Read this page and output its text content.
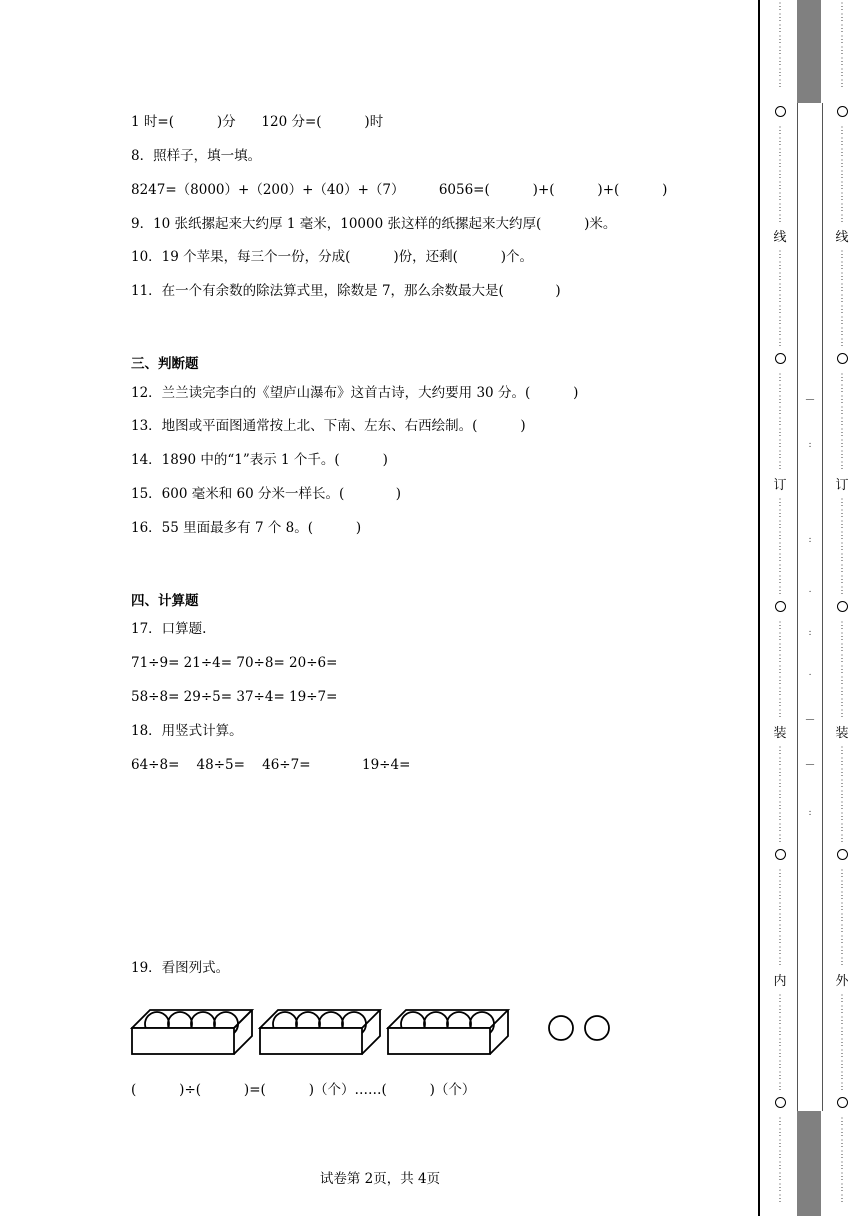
1 时=(          )分      120 分=(          )时
8．照样子，填一填。
8247=（8000）+（200）+（40）+（7）        6056=(          )+(          )+(          )
9．10 张纸摞起来大约厚 1 毫米，10000 张这样的纸摞起来大约厚(          )米。
10．19 个苹果，每三个一份，分成(          )份，还剩(          )个。
11．在一个有余数的除法算式里，除数是 7，那么余数最大是(            )
三、判断题
12．兰兰读完李白的《望庐山瀑布》这首古诗，大约要用 30 分。(          )
13．地图或平面图通常按上北、下南、左东、右西绘制。(          )
14．1890 中的“1”表示 1 个千。(          )
15．600 毫米和 60 分米一样长。(            )
16．55 里面最多有 7 个 8。(          )
四、计算题
17．口算题.
71÷9= 21÷4= 70÷8= 20÷6=
58÷8= 29÷5= 37÷4= 19÷7=
18．用竖式计算。
64÷8=    48÷5=    46÷7=            19÷4=
19．看图列式。
(          )÷(          )=(          )（个）……(          )（个）
试卷第 2页，共 4页
—
:
:
.
:
.
—
—
:
⋮
⋮
⋮
⋮
⋮
⋮
⋮
⋮
⋮
⋮
⋮
⋮
⋮
⋮
⋮
⋮
⋮
线
⋮
⋮
⋮
⋮
⋮
⋮
⋮
⋮
⋮
⋮
⋮
⋮
⋮
⋮
⋮
⋮
⋮
⋮
订
⋮
⋮
⋮
⋮
⋮
⋮
⋮
⋮
⋮
⋮
⋮
⋮
⋮
⋮
⋮
⋮
⋮
⋮
装
⋮
⋮
⋮
⋮
⋮
⋮
⋮
⋮
⋮
⋮
⋮
⋮
⋮
⋮
⋮
⋮
⋮
⋮
内
⋮
⋮
⋮
⋮
⋮
⋮
⋮
⋮
⋮
⋮
⋮
⋮
⋮
⋮
⋮
⋮
⋮
⋮
⋮
⋮
⋮
⋮
⋮
⋮
⋮
⋮
⋮
⋮
⋮
⋮
⋮
⋮
⋮
⋮
线
⋮
⋮
⋮
⋮
⋮
⋮
⋮
⋮
⋮
⋮
⋮
⋮
⋮
⋮
⋮
⋮
⋮
⋮
订
⋮
⋮
⋮
⋮
⋮
⋮
⋮
⋮
⋮
⋮
⋮
⋮
⋮
⋮
⋮
⋮
⋮
⋮
装
⋮
⋮
⋮
⋮
⋮
⋮
⋮
⋮
⋮
⋮
⋮
⋮
⋮
⋮
⋮
⋮
⋮
⋮
外
⋮
⋮
⋮
⋮
⋮
⋮
⋮
⋮
⋮
⋮
⋮
⋮
⋮
⋮
⋮
⋮
⋮
